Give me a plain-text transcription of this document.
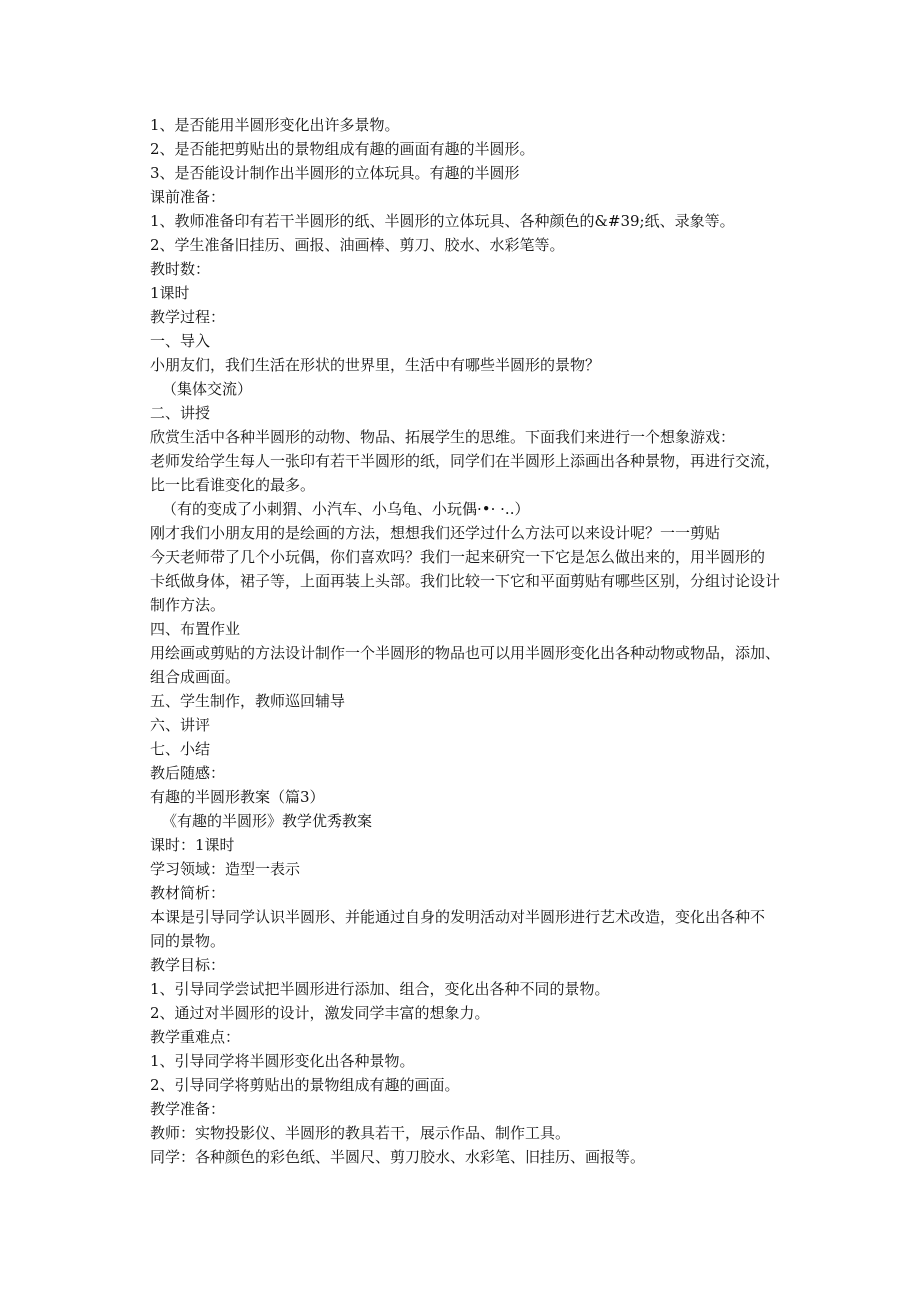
1、是否能用半圆形变化出许多景物。
2、是否能把剪贴出的景物组成有趣的画面有趣的半圆形。
3、是否能设计制作出半圆形的立体玩具。有趣的半圆形
课前准备：
1、教师准备印有若干半圆形的纸、半圆形的立体玩具、各种颜色的&#39;纸、录象等。
2、学生准备旧挂历、画报、油画棒、剪刀、胶水、水彩笔等。
教时数：
1课时
教学过程：
一、导入
小朋友们，我们生活在形状的世界里，生活中有哪些半圆形的景物？
（集体交流）
二、讲授
欣赏生活中各种半圆形的动物、物品、拓展学生的思维。下面我们来进行一个想象游戏：
老师发给学生每人一张印有若干半圆形的纸，同学们在半圆形上添画出各种景物，再进行交流，
比一比看谁变化的最多。
（有的变成了小刺猬、小汽车、小乌龟、小玩偶·•· ·..）
刚才我们小朋友用的是绘画的方法，想想我们还学过什么方法可以来设计呢？一一剪贴
今天老师带了几个小玩偶，你们喜欢吗？我们一起来研究一下它是怎么做出来的，用半圆形的
卡纸做身体，裙子等，上面再装上头部。我们比较一下它和平面剪贴有哪些区别，分组讨论设计
制作方法。
四、布置作业
用绘画或剪贴的方法设计制作一个半圆形的物品也可以用半圆形变化出各种动物或物品，添加、
组合成画面。
五、学生制作，教师巡回辅导
六、讲评
七、小结
教后随感：
有趣的半圆形教案（篇3）
《有趣的半圆形》教学优秀教案
课时：1课时
学习领域：造型一表示
教材简析：
本课是引导同学认识半圆形、并能通过自身的发明活动对半圆形进行艺术改造，变化出各种不
同的景物。
教学目标：
1、引导同学尝试把半圆形进行添加、组合，变化出各种不同的景物。
2、通过对半圆形的设计，激发同学丰富的想象力。
教学重难点：
1、引导同学将半圆形变化出各种景物。
2、引导同学将剪贴出的景物组成有趣的画面。
教学准备：
教师：实物投影仪、半圆形的教具若干，展示作品、制作工具。
同学：各种颜色的彩色纸、半圆尺、剪刀胶水、水彩笔、旧挂历、画报等。
